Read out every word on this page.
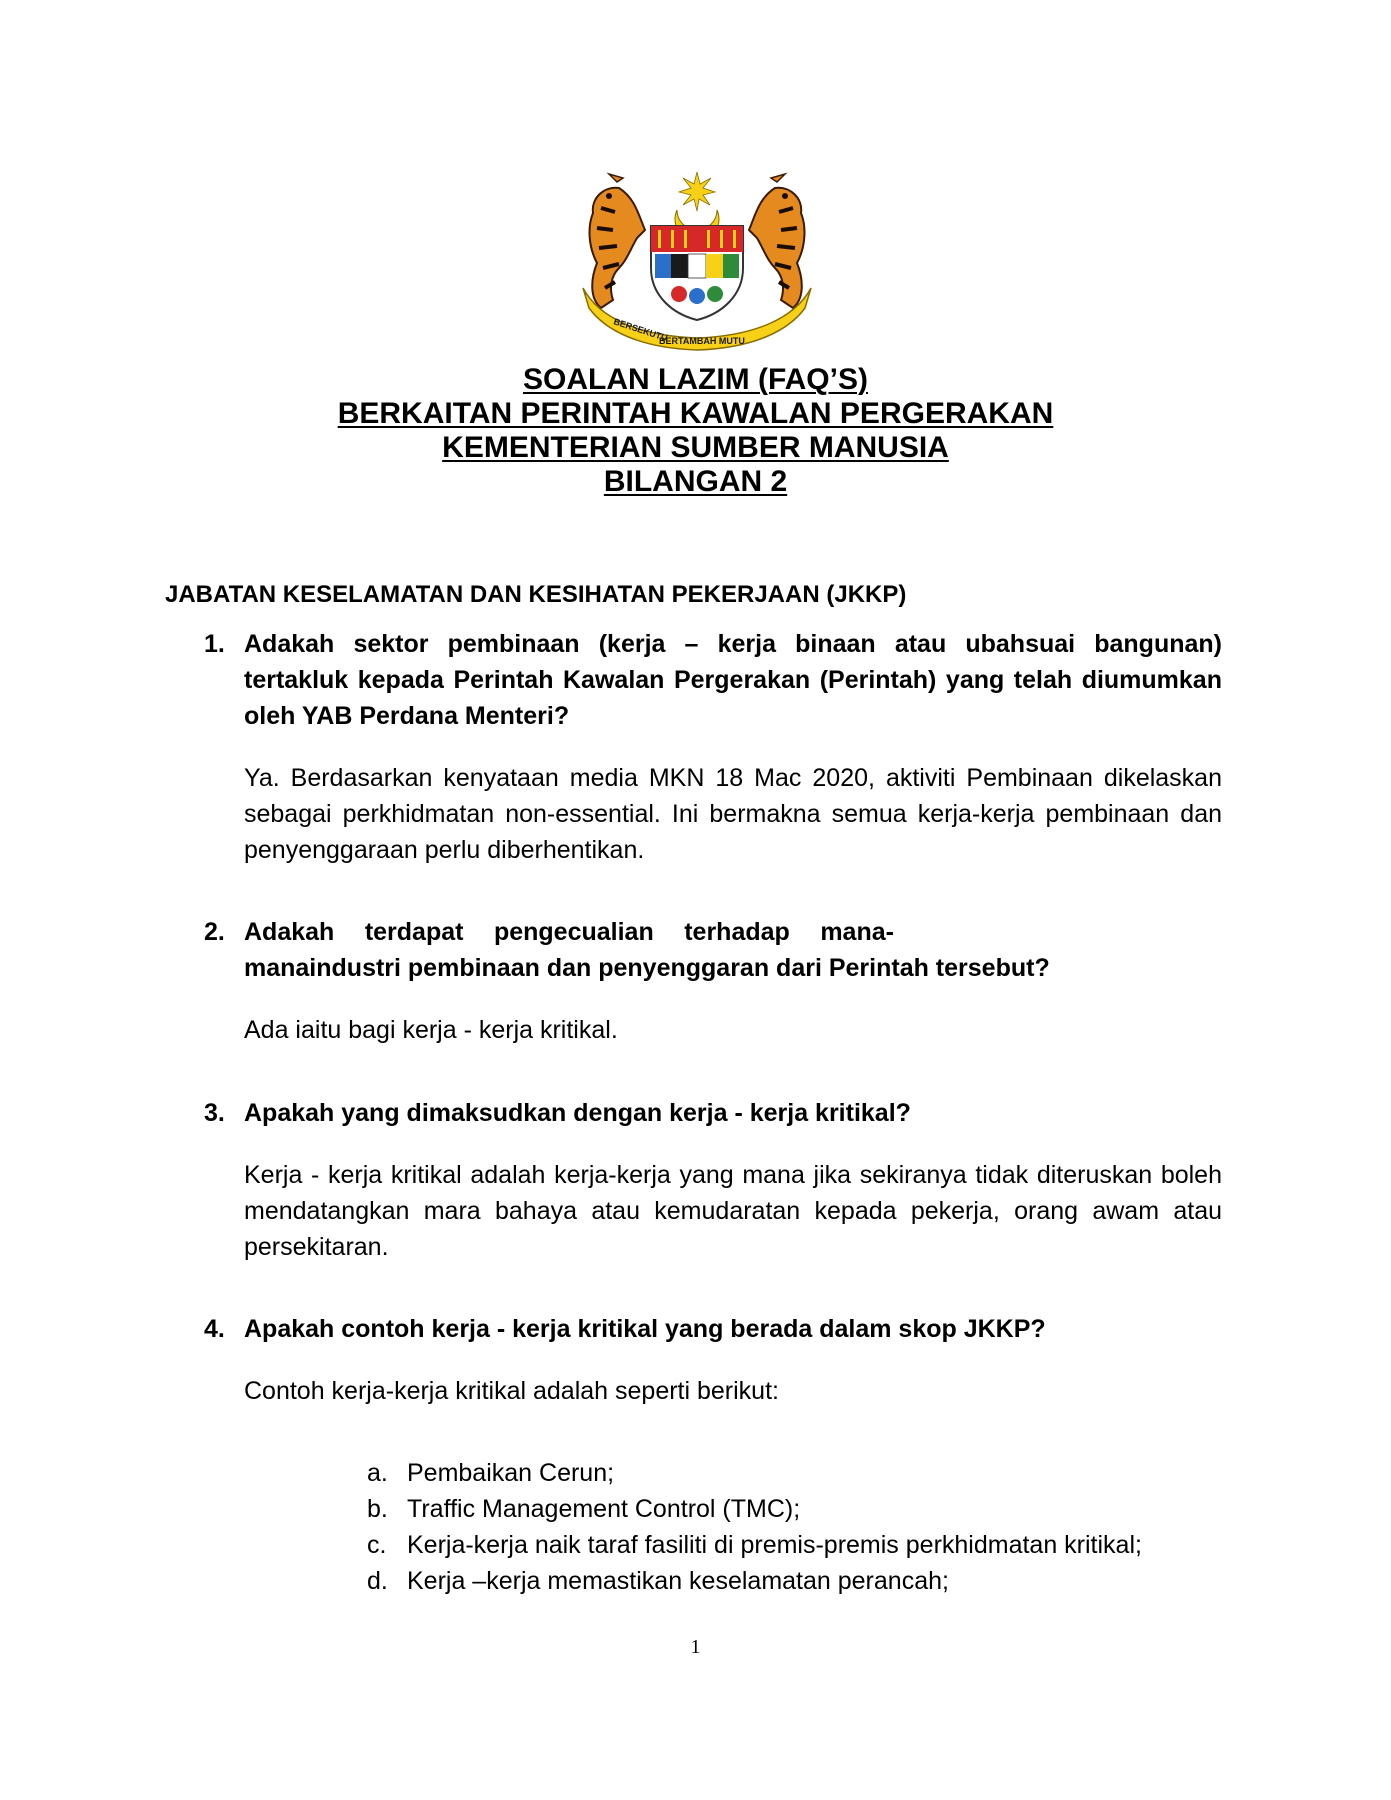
BERSEKUTU
BERTAMBAH MUTU
SOALAN LAZIM (FAQ’S)
BERKAITAN PERINTAH KAWALAN PERGERAKAN
KEMENTERIAN SUMBER MANUSIA
BILANGAN 2
JABATAN KESELAMATAN DAN KESIHATAN PEKERJAAN (JKKP)
1. Adakah sektor pembinaan (kerja – kerja binaan atau ubahsuai bangunan) tertakluk kepada Perintah Kawalan Pergerakan (Perintah) yang telah diumumkan oleh YAB Perdana Menteri?
Ya. Berdasarkan kenyataan media MKN 18 Mac 2020, aktiviti Pembinaan dikelaskan sebagai perkhidmatan non-essential. Ini bermakna semua kerja-kerja pembinaan dan penyenggaraan perlu diberhentikan.
2. Adakah terdapat pengecualian terhadap mana-
manaindustri pembinaan dan penyenggaran dari Perintah tersebut?
Ada iaitu bagi kerja - kerja kritikal.
3. Apakah yang dimaksudkan dengan kerja - kerja kritikal?
Kerja - kerja kritikal adalah kerja-kerja yang mana jika sekiranya tidak diteruskan boleh mendatangkan mara bahaya atau kemudaratan kepada pekerja, orang awam atau persekitaran.
4. Apakah contoh kerja - kerja kritikal yang berada dalam skop JKKP?
Contoh kerja-kerja kritikal adalah seperti berikut:
a. Pembaikan Cerun;
b. Traffic Management Control (TMC);
c. Kerja-kerja naik taraf fasiliti di premis-premis perkhidmatan kritikal;
d. Kerja –kerja memastikan keselamatan perancah;
1
